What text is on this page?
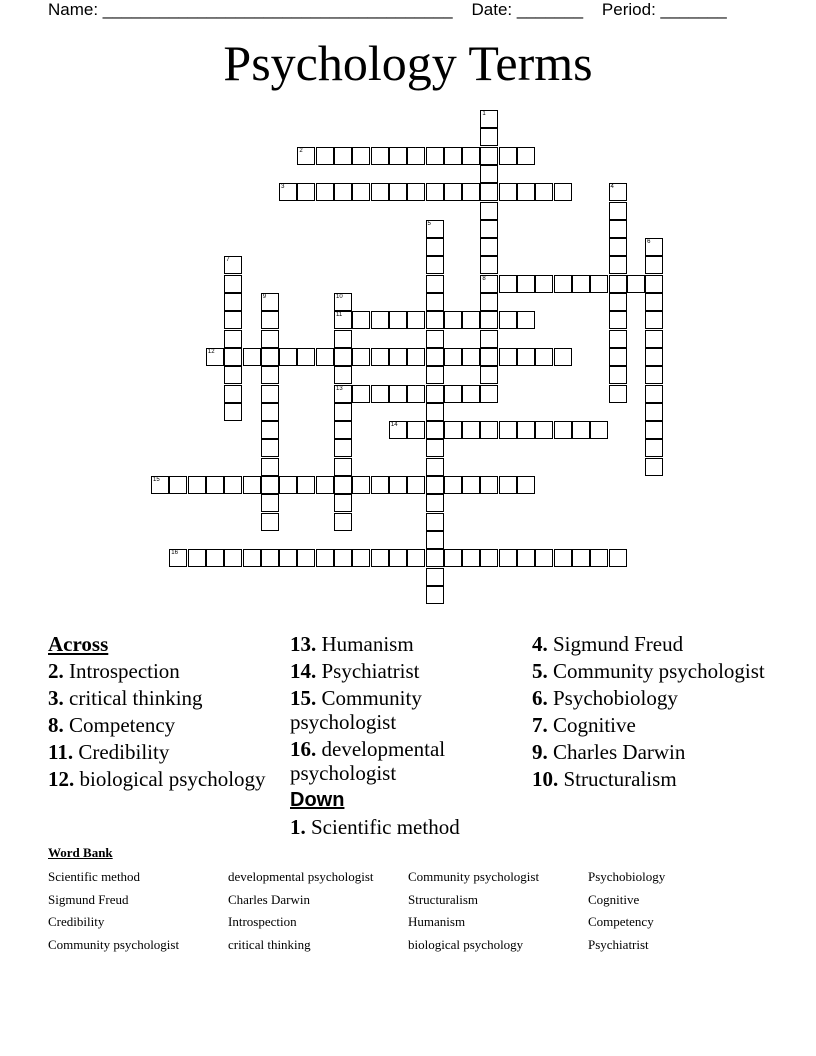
Name: _____________________________________    Date: _______    Period: _______
Psychology Terms
2
3
8
11
12
13
14
15
16
1
4
5
6
7
9	10
Across
2. Introspection
3. critical thinking
8. Competency
11. Credibility
12. biological psychology
13. Humanism
14. Psychiatrist
15. Community psychologist
16. developmental psychologist
Down
1. Scientific method
4. Sigmund Freud
5. Community psychologist
6. Psychobiology
7. Cognitive
9. Charles Darwin
10. Structuralism
Word Bank
Scientific method
Sigmund Freud
Credibility
Community psychologist
developmental psychologist
Charles Darwin
Introspection
critical thinking
Community psychologist
Structuralism
Humanism
biological psychology
Psychobiology
Cognitive
Competency
Psychiatrist
